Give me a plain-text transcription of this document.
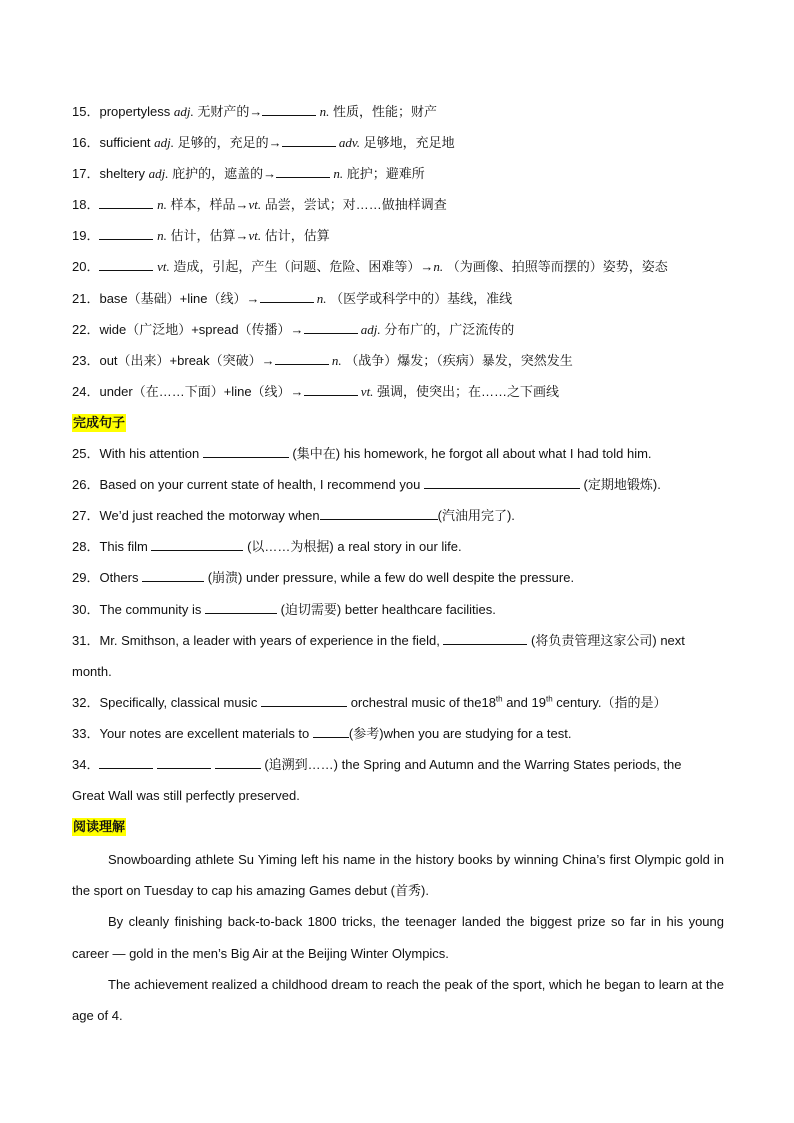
15．propertyless adj. 无财产的→	n. 性质，性能；财产
16．sufficient adj. 足够的，充足的→	adv. 足够地，充足地
17．sheltery adj. 庇护的，遮盖的→	n. 庇护；避难所
18．	n. 样本，样品→vt. 品尝，尝试；对……做抽样调查
19．	n. 估计，估算→vt. 估计，估算
20．	vt. 造成，引起，产生（问题、危险、困难等）→n. （为画像、拍照等而摆的）姿势，姿态
21．base（基础）+line（线）→	n. （医学或科学中的）基线，准线
22．wide（广泛地）+spread（传播）→	adj. 分布广的，广泛流传的
23．out（出来）+break（突破）→	n. （战争）爆发；（疾病）暴发，突然发生
24．under（在……下面）+line（线）→	vt. 强调，使突出；在……之下画线
完成句子
25．With his attention	(集中在) his homework, he forgot all about what I had told him.
26．Based on your current state of health, I recommend you	(定期地锻炼).
27．We’d just reached the motorway when	(汽油用完了).
28．This film	(以……为根据) a real story in our life.
29．Others	(崩溃) under pressure, while a few do well despite the pressure.
30．The community is	(迫切需要) better healthcare facilities.
31．Mr. Smithson, a leader with years of experience in the field,	(将负责管理这家公司) next
month.
32．Specifically, classical music	orchestral music of the18th and 19th century.（指的是）
33．Your notes are excellent materials to	(参考)when you are studying for a test.
34．	(追溯到……) the Spring and Autumn and the Warring States periods, the
Great Wall was still perfectly preserved.
阅读理解
Snowboarding athlete Su Yiming left his name in the history books by winning China’s first Olympic gold in the sport on Tuesday to cap his amazing Games debut (首秀).
By cleanly finishing back-to-back 1800 tricks, the teenager landed the biggest prize so far in his young career — gold in the men’s Big Air at the Beijing Winter Olympics.
The achievement realized a childhood dream to reach the peak of the sport, which he began to learn at the age of 4.
